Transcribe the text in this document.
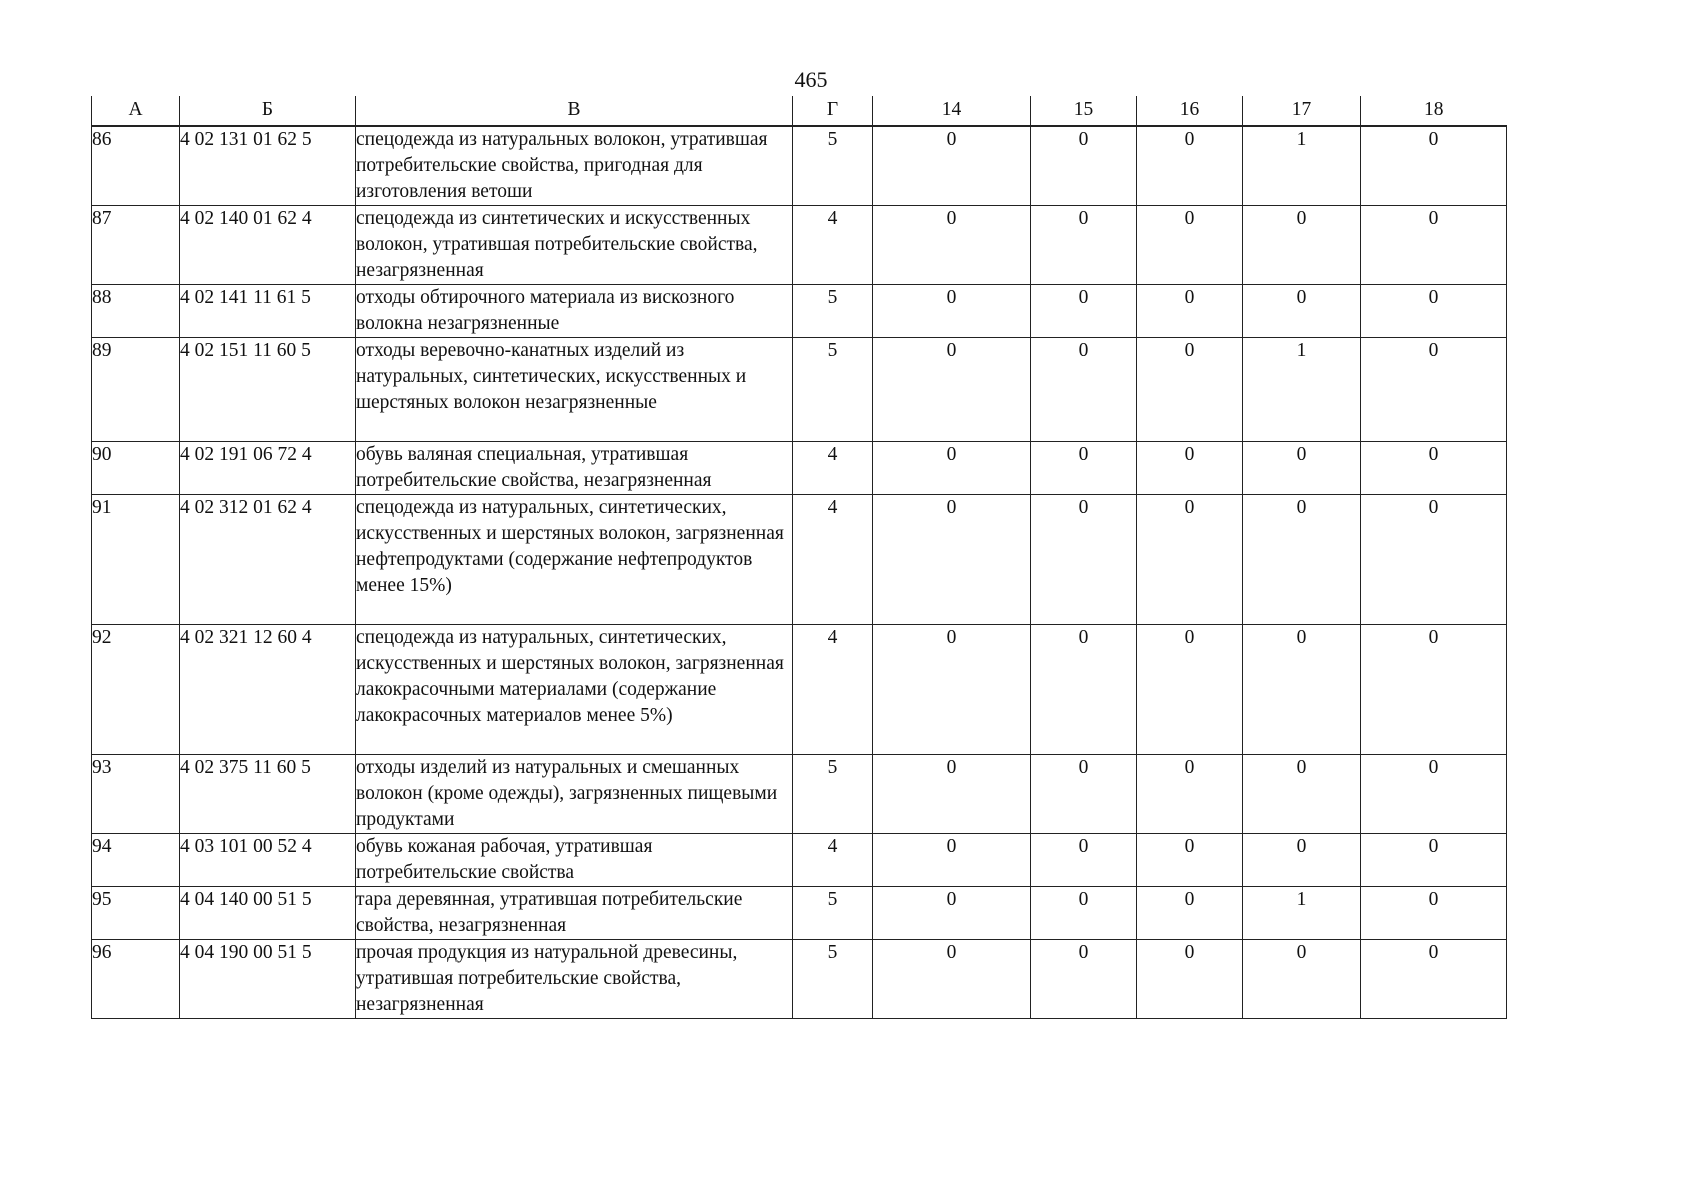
465
А	Б	В	Г	14	15	16	17	18
86	4 02 131 01 62 5	спецодежда из натуральных волокон, утратившая потребительские свойства, пригодная для изготовления ветоши	5	0	0	0	1	0
87	4 02 140 01 62 4	спецодежда из синтетических и искусственных волокон, утратившая потребительские свойства, незагрязненная	4	0	0	0	0	0
88	4 02 141 11 61 5	отходы обтирочного материала из вискозного волокна незагрязненные	5	0	0	0	0	0
89	4 02 151 11 60 5	отходы веревочно-канатных изделий из натуральных, синтетических, искусственных и шерстяных волокон незагрязненные	5	0	0	0	1	0
90	4 02 191 06 72 4	обувь валяная специальная, утратившая потребительские свойства, незагрязненная	4	0	0	0	0	0
91	4 02 312 01 62 4	спецодежда из натуральных, синтетических, искусственных и шерстяных волокон, загрязненная нефтепродуктами (содержание нефтепродуктов менее 15%)	4	0	0	0	0	0
92	4 02 321 12 60 4	спецодежда из натуральных, синтетических, искусственных и шерстяных волокон, загрязненная лакокрасочными материалами (содержание лакокрасочных материалов менее 5%)	4	0	0	0	0	0
93	4 02 375 11 60 5	отходы изделий из натуральных и смешанных волокон (кроме одежды), загрязненных пищевыми продуктами	5	0	0	0	0	0
94	4 03 101 00 52 4	обувь кожаная рабочая, утратившая потребительские свойства	4	0	0	0	0	0
95	4 04 140 00 51 5	тара деревянная, утратившая потребительские свойства, незагрязненная	5	0	0	0	1	0
96	4 04 190 00 51 5	прочая продукция из натуральной древесины, утратившая потребительские свойства, незагрязненная	5	0	0	0	0	0
